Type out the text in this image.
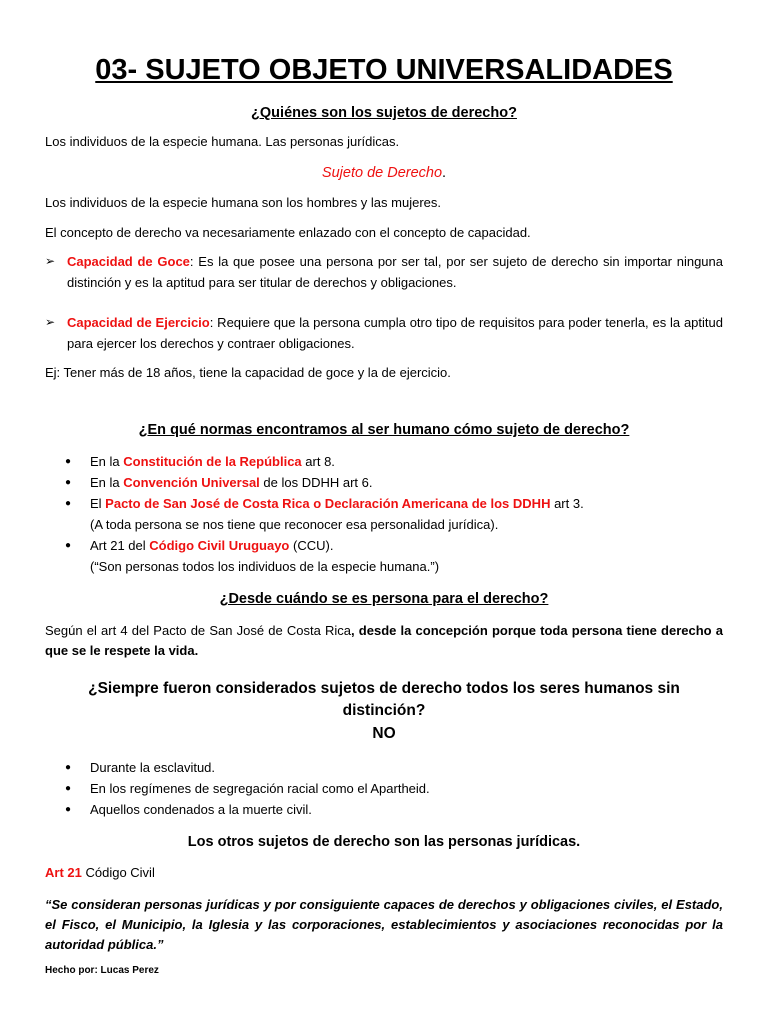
03- SUJETO OBJETO UNIVERSALIDADES
¿Quiénes son los sujetos de derecho?

Los individuos de la especie humana. Las personas jurídicas.

Sujeto de Derecho.

Los individuos de la especie humana son los hombres y las mujeres.

El concepto de derecho va necesariamente enlazado con el concepto de capacidad.

➢ Capacidad de Goce: Es la que posee una persona por ser tal, por ser sujeto de derecho sin importar ninguna distinción y es la aptitud para ser titular de derechos y obligaciones.
➢ Capacidad de Ejercicio: Requiere que la persona cumpla otro tipo de requisitos para poder tenerla, es la aptitud para ejercer los derechos y contraer obligaciones.

Ej: Tener más de 18 años, tiene la capacidad de goce y la de ejercicio.

¿En qué normas encontramos al ser humano cómo sujeto de derecho?
●	En la Constitución de la República art 8.
●	En la Convención Universal de los DDHH art 6.
●	El Pacto de San José de Costa Rica o Declaración Americana de los DDHH art 3.
(A toda persona se nos tiene que reconocer esa personalidad jurídica).
●	Art 21 del Código Civil Uruguayo (CCU).
(“Son personas todos los individuos de la especie humana.”)
¿Desde cuándo se es persona para el derecho?

Según el art 4 del Pacto de San José de Costa Rica, desde la concepción porque toda persona tiene derecho a que se le respete la vida.

¿Siempre fueron considerados sujetos de derecho todos los seres humanos sin distinción?
NO
●	Durante la esclavitud.
●	En los regímenes de segregación racial como el Apartheid.
●	Aquellos condenados a la muerte civil.
Los otros sujetos de derecho son las personas jurídicas.

Art 21 Código Civil

“Se consideran personas jurídicas y por consiguiente capaces de derechos y obligaciones civiles, el Estado, el Fisco, el Municipio, la Iglesia y las corporaciones, establecimientos y asociaciones reconocidas por la autoridad pública.”

Hecho por: Lucas Perez
